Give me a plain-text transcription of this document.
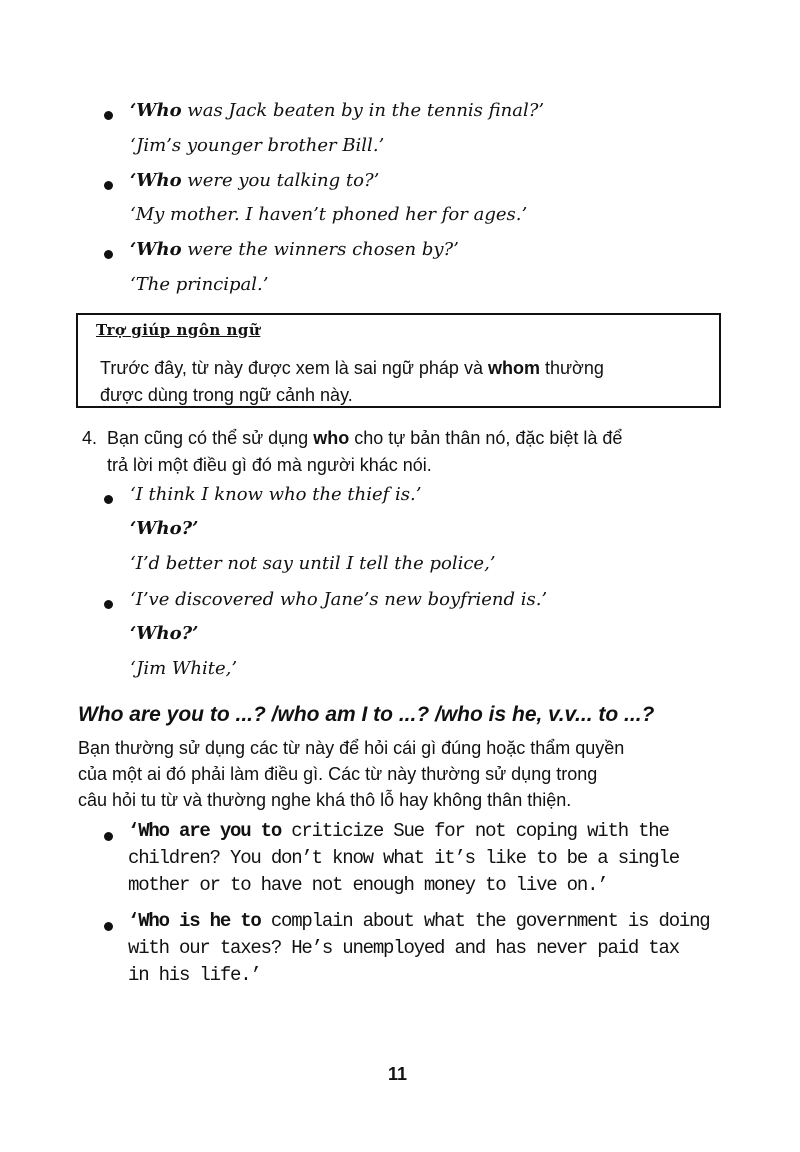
‘Who was Jack beaten by in the tennis final?’
‘Jim’s younger brother Bill.’
‘Who were you talking to?’
‘My mother. I haven’t phoned her for ages.’
‘Who were the winners chosen by?’
‘The principal.’
Trợ giúp ngôn ngữ
Trước đây, từ này được xem là sai ngữ pháp và whom thường
được dùng trong ngữ cảnh này.
4. Bạn cũng có thể sử dụng who cho tự bản thân nó, đặc biệt là để
trả lời một điều gì đó mà người khác nói.
‘I think I know who the thief is.’
‘Who?’
‘I’d better not say until I tell the police,’
‘I’ve discovered who Jane’s new boyfriend is.’
‘Who?’
‘Jim White,’
Who are you to ...? /who am I to ...? /who is he, v.v... to ...?
Bạn thường sử dụng các từ này để hỏi cái gì đúng hoặc thẩm quyền
của một ai đó phải làm điều gì. Các từ này thường sử dụng trong
câu hỏi tu từ và thường nghe khá thô lỗ hay không thân thiện.
‘Who are you to criticize Sue for not coping with the
children? You don’t know what it’s like to be a single
mother or to have not enough money to live on.’
‘Who is he to complain about what the government is doing
with our taxes? He’s unemployed and has never paid tax
in his life.’
11
